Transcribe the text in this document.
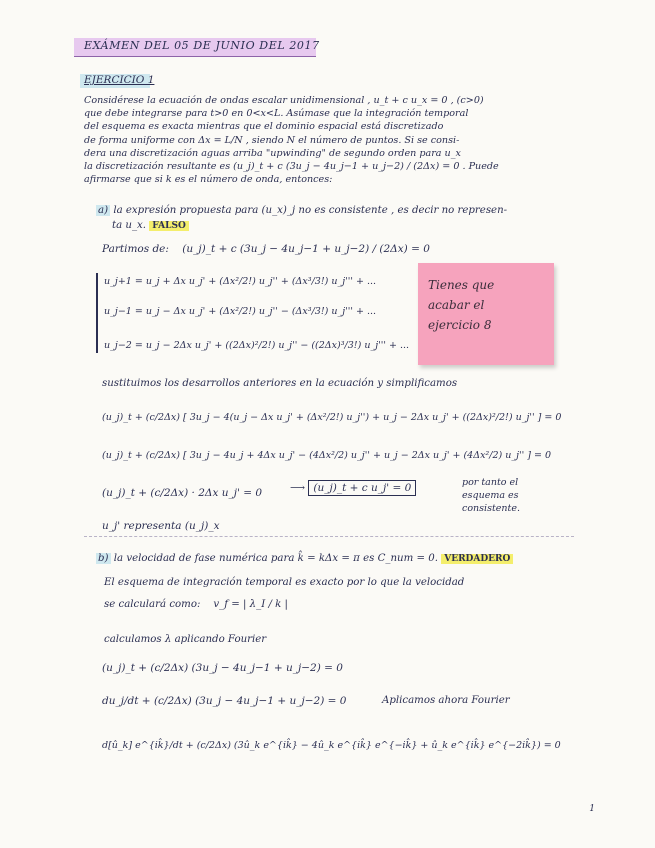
EXÁMEN DEL 05 DE JUNIO DEL 2017
EJERCICIO 1
Considérese la ecuación de ondas escalar unidimensional , u_t + c u_x = 0 , (c>0)
que debe integrarse para t>0 en 0<x<L. Asúmase que la integración temporal
del esquema es exacta mientras que el dominio espacial está discretizado
de forma uniforme con Δx = L/N , siendo N el número de puntos. Si se consi-
dera una discretización aguas arriba "upwinding" de segundo orden para u_x
la discretización resultante es (u_j)_t + c (3u_j − 4u_j−1 + u_j−2) / (2Δx) = 0 . Puede
afirmarse que si k es el número de onda, entonces:
a) la expresión propuesta para (u_x)_j no es consistente , es decir no represen-
ta u_x. FALSO
Partimos de: (u_j)_t + c (3u_j − 4u_j−1 + u_j−2) / (2Δx) = 0
u_j+1 = u_j + Δx u_j' + (Δx²/2!) u_j'' + (Δx³/3!) u_j''' + ...
u_j−1 = u_j − Δx u_j' + (Δx²/2!) u_j'' − (Δx³/3!) u_j''' + ...
u_j−2 = u_j − 2Δx u_j' + ((2Δx)²/2!) u_j'' − ((2Δx)³/3!) u_j''' + ...
Tienes que
acabar el
ejercicio 8
sustituimos los desarrollos anteriores en la ecuación y simplificamos
(u_j)_t + (c/2Δx) [ 3u_j − 4(u_j − Δx u_j' + (Δx²/2!) u_j'') + u_j − 2Δx u_j' + ((2Δx)²/2!) u_j'' ] = 0
(u_j)_t + (c/2Δx) [ 3u_j − 4u_j + 4Δx u_j' − (4Δx²/2) u_j'' + u_j − 2Δx u_j' + (4Δx²/2) u_j'' ] = 0
(u_j)_t + (c/2Δx) · 2Δx u_j' = 0	⟶ (u_j)_t + c u_j' = 0	por tanto el
esquema es
consistente.
u_j' representa (u_j)_x
b) la velocidad de fase numérica para k̂ = kΔx = π es C_num = 0. VERDADERO
El esquema de integración temporal es exacto por lo que la velocidad
se calculará como: v_f = | λ_I / k |
calculamos λ aplicando Fourier
(u_j)_t + (c/2Δx) (3u_j − 4u_j−1 + u_j−2) = 0
du_j/dt + (c/2Δx) (3u_j − 4u_j−1 + u_j−2) = 0	Aplicamos ahora Fourier
d[û_k] e^{ik̂}/dt + (c/2Δx) (3û_k e^{ik̂} − 4û_k e^{ik̂} e^{−ik̂} + û_k e^{ik̂} e^{−2ik̂}) = 0
1
